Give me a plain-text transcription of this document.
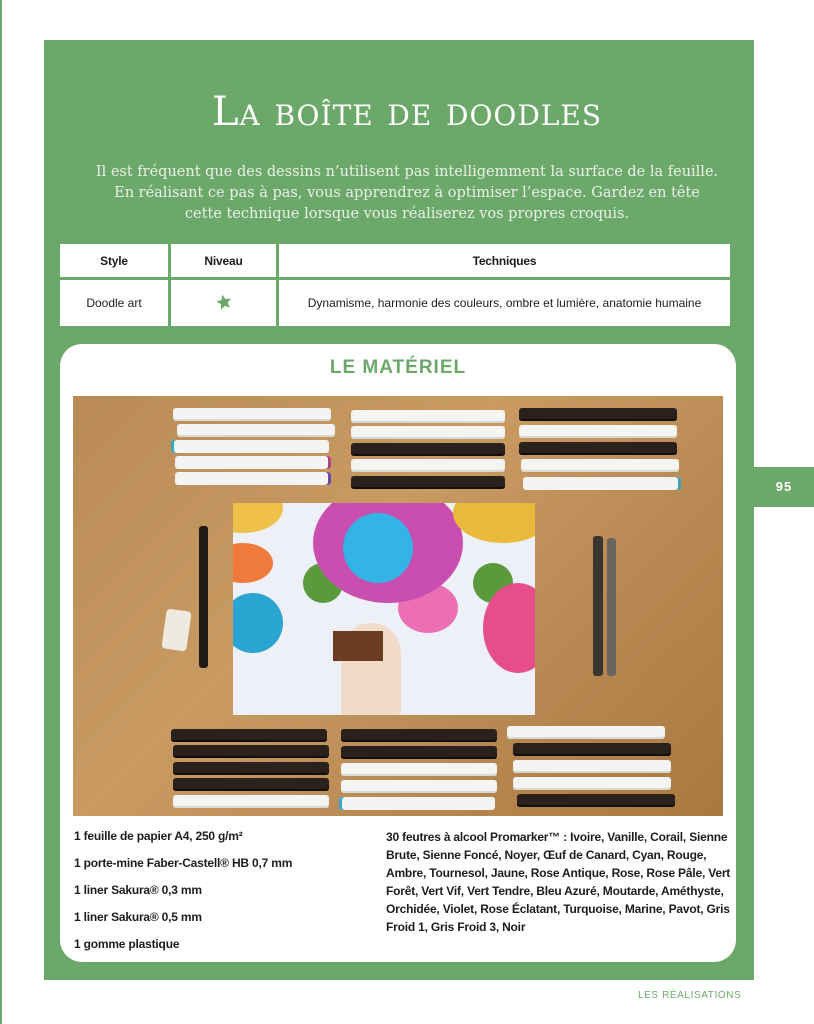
La boîte de doodles
Il est fréquent que des dessins n’utilisent pas intelligemment la surface de la feuille.
En réalisant ce pas à pas, vous apprendrez à optimiser l’espace. Gardez en tête
cette technique lorsque vous réaliserez vos propres croquis.
Style	Niveau	Techniques
Doodle art		Dynamisme, harmonie des couleurs, ombre et lumière, anatomie humaine
LE MATÉRIEL
1 feuille de papier A4, 250 g/m²
1 porte-mine Faber-Castell® HB 0,7 mm
1 liner Sakura® 0,3 mm
1 liner Sakura® 0,5 mm
1 gomme plastique
30 feutres à alcool Promarker™ : Ivoire, Vanille, Corail, Sienne Brute, Sienne Foncé, Noyer, Œuf de Canard, Cyan, Rouge, Ambre, Tournesol, Jaune, Rose Antique, Rose, Rose Pâle, Vert Forêt, Vert Vif, Vert Tendre, Bleu Azuré, Moutarde, Améthyste, Orchidée, Violet, Rose Éclatant, Turquoise, Marine, Pavot, Gris Froid 1, Gris Froid 3, Noir
95
LES RÉALISATIONS
